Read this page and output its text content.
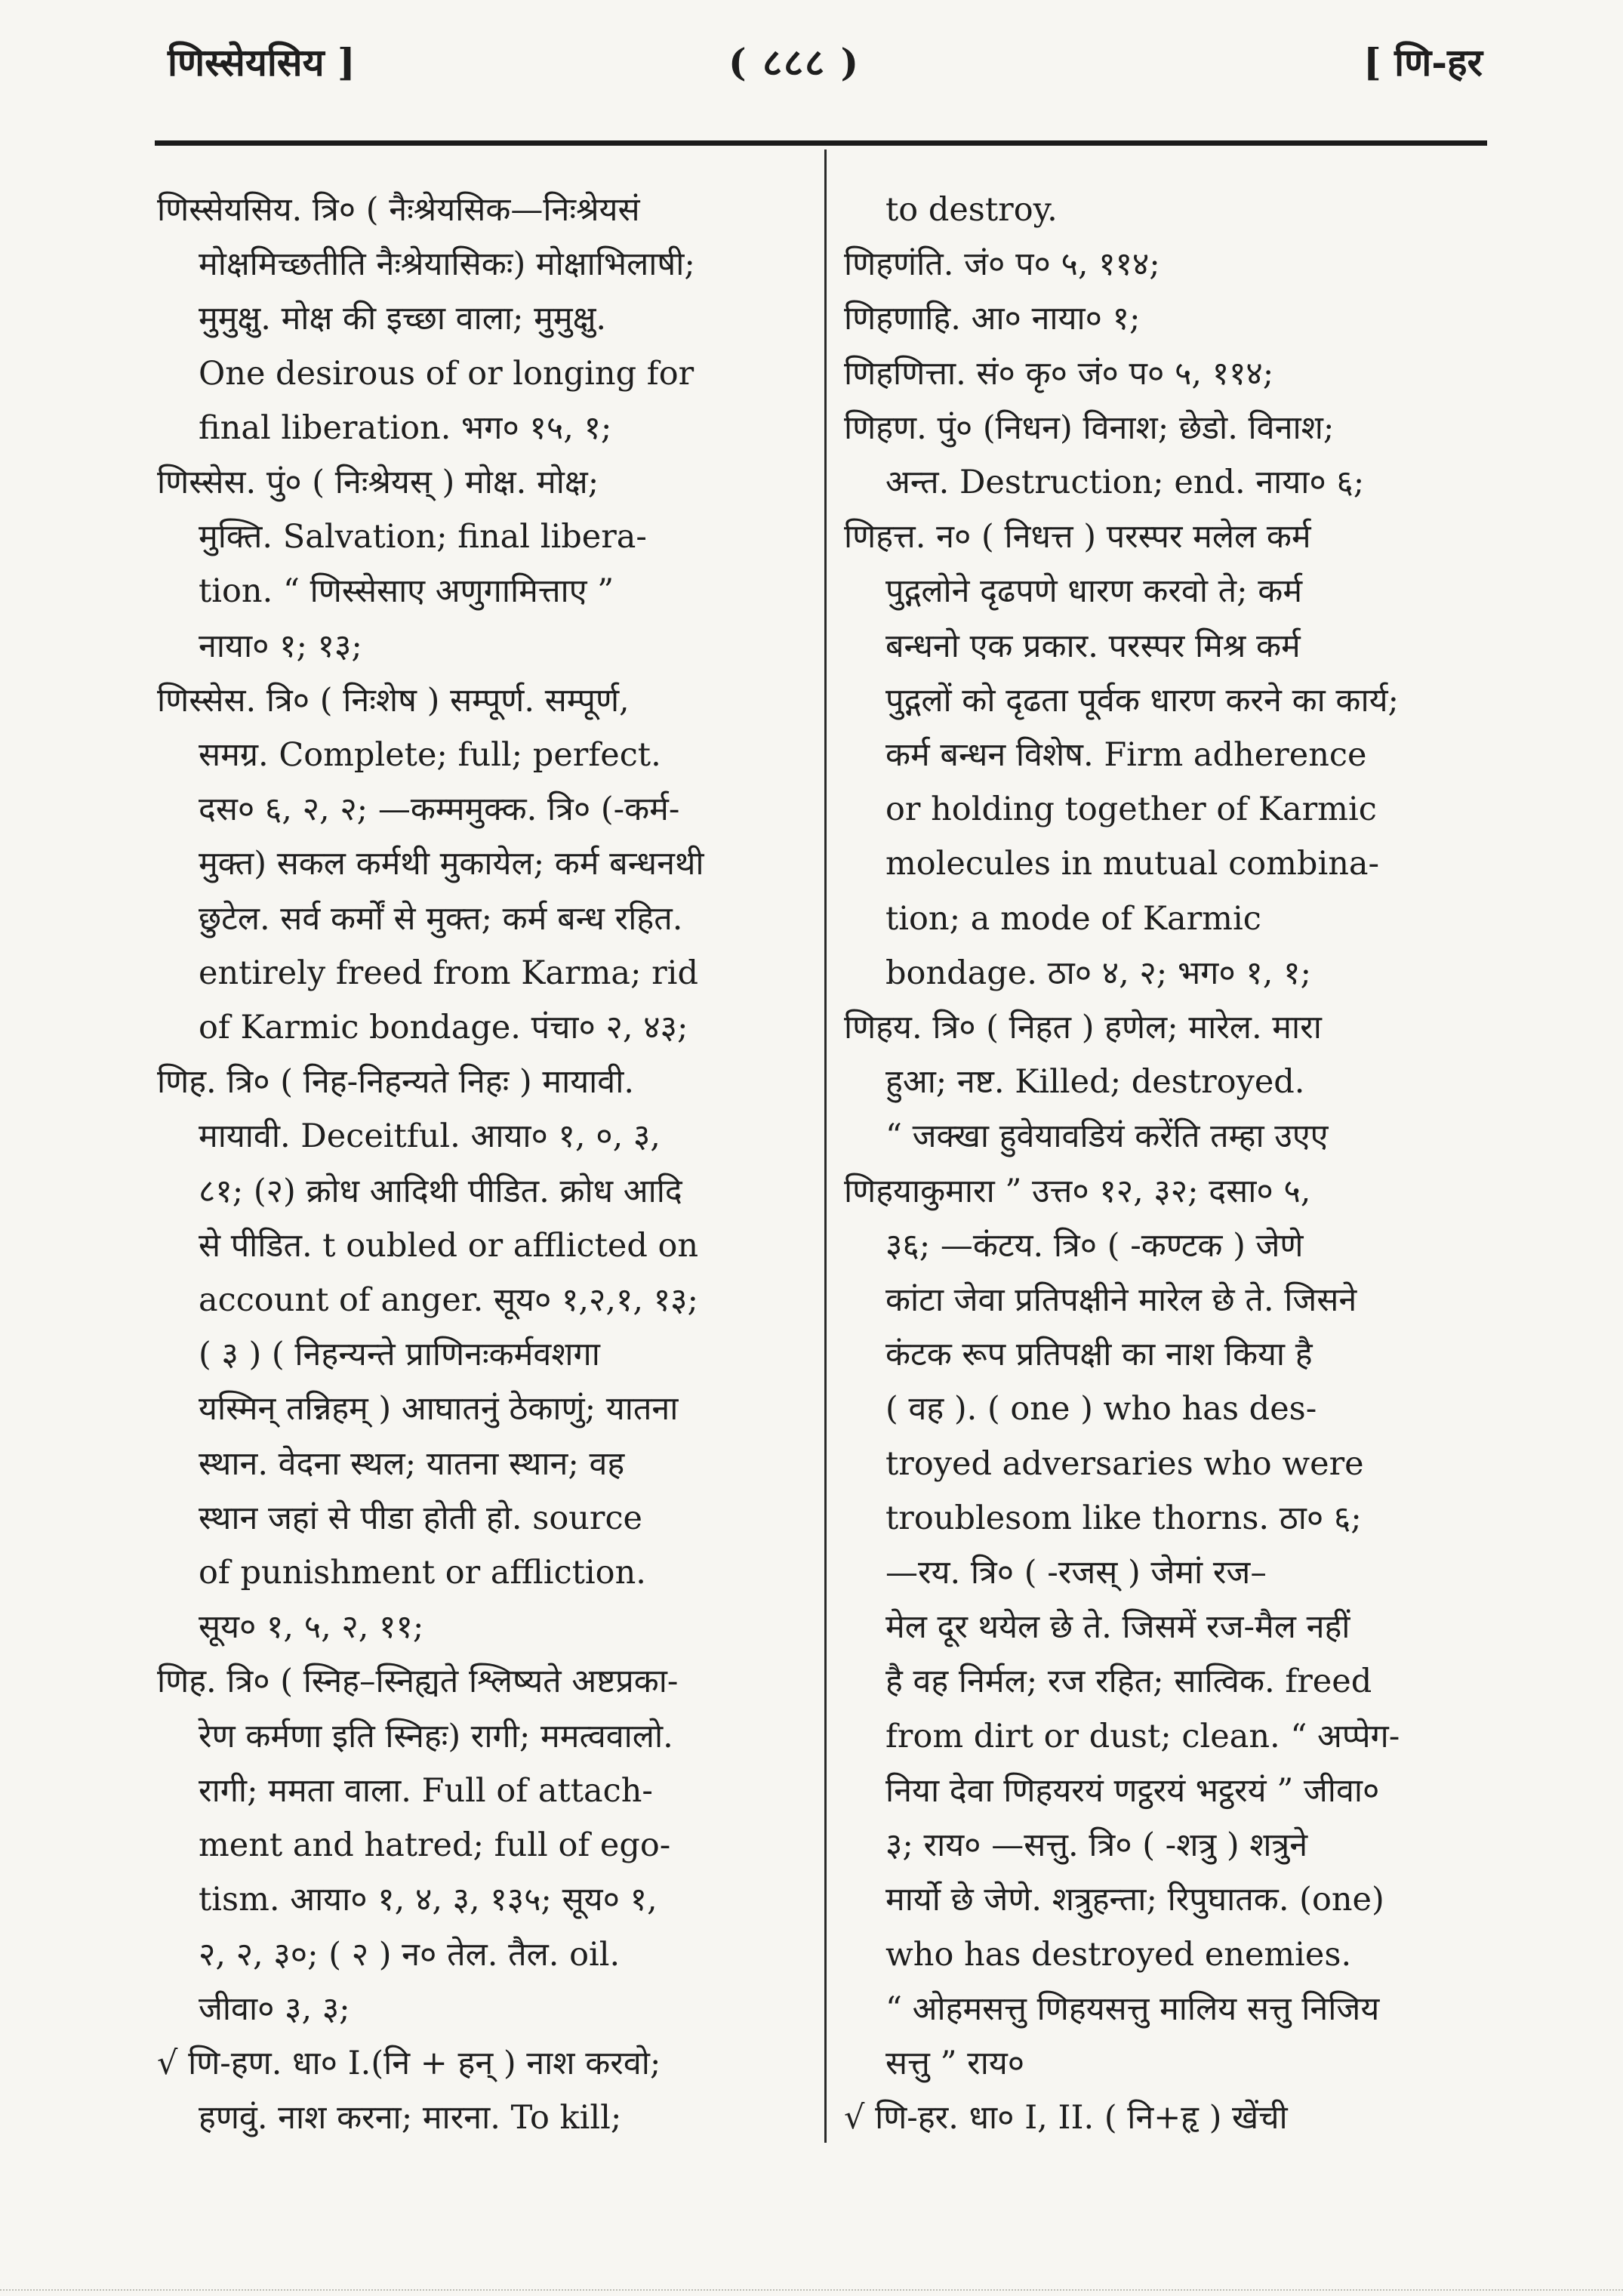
णिस्सेयसिय ]	( ८८८ )	[ णि-हर
णिस्सेयसिय. त्रि० ( नैःश्रेयसिक—निःश्रेयसं
मोक्षमिच्छतीति नैःश्रेयासिकः) मोक्षाभिलाषी;
मुमुक्षु. मोक्ष की इच्छा वाला; मुमुक्षु.
One desirous of or longing for
final liberation. भग० १५, १;
णिस्सेस. पुं० ( निःश्रेयस् ) मोक्ष. मोक्ष;
मुक्ति. Salvation; final libera-
tion. “ णिस्सेसाए अणुगामित्ताए ”
नाया० १; १३;
णिस्सेस. त्रि० ( निःशेष ) सम्पूर्ण. सम्पूर्ण,
समग्र. Complete; full; perfect.
दस० ६, २, २; —कम्ममुक्क. त्रि० (-कर्म-
मुक्त) सकल कर्मथी मुकायेल; कर्म बन्धनथी
छुटेल. सर्व कर्मों से मुक्त; कर्म बन्ध रहित.
entirely freed from Karma; rid
of Karmic bondage. पंचा० २, ४३;
णिह. त्रि० ( निह-निहन्यते निहः ) मायावी.
मायावी. Deceitful. आया० १, ०, ३,
८१; (२) क्रोध आदिथी पीडित. क्रोध आदि
से पीडित. t oubled or afflicted on
account of anger. सूय० १,२,१, १३;
( ३ ) ( निहन्यन्ते प्राणिनःकर्मवशगा
यस्मिन् तन्निहम् ) आघातनुं ठेकाणुं; यातना
स्थान. वेदना स्थल; यातना स्थान; वह
स्थान जहां से पीडा होती हो. source
of punishment or affliction.
सूय० १, ५, २, ११;
णिह. त्रि० ( स्निह–स्निह्यते श्लिष्यते अष्टप्रका-
रेण कर्मणा इति स्निहः) रागी; ममत्ववालो.
रागी; ममता वाला. Full of attach-
ment and hatred; full of ego-
tism. आया० १, ४, ३, १३५; सूय० १,
२, २, ३०; ( २ ) न० तेल. तैल. oil.
जीवा० ३, ३;
√ णि-हण. धा० I.(नि + हन् ) नाश करवो;
हणवुं. नाश करना; मारना. To kill;
to destroy.
णिहणंति. जं० प० ५, ११४;
णिहणाहि. आ० नाया० १;
णिहणित्ता. सं० कृ० जं० प० ५, ११४;
णिहण. पुं० (निधन) विनाश; छेडो. विनाश;
अन्त. Destruction; end. नाया० ६;
णिहत्त. न० ( निधत्त ) परस्पर मलेल कर्म
पुद्गलोने दृढपणे धारण करवो ते; कर्म
बन्धनो एक प्रकार. परस्पर मिश्र कर्म
पुद्गलों को दृढता पूर्वक धारण करने का कार्य;
कर्म बन्धन विशेष. Firm adherence
or holding together of Karmic
molecules in mutual combina-
tion; a mode of Karmic
bondage. ठा० ४, २; भग० १, १;
णिहय. त्रि० ( निहत ) हणेल; मारेल. मारा
हुआ; नष्ट. Killed; destroyed.
“ जक्खा हुवेयावडियं करेंति तम्हा उएए
णिहयाकुमारा ” उत्त० १२, ३२; दसा० ५,
३६; —कंटय. त्रि० ( -कण्टक ) जेणे
कांटा जेवा प्रतिपक्षीने मारेल छे ते. जिसने
कंटक रूप प्रतिपक्षी का नाश किया है
( वह ). ( one ) who has des-
troyed adversaries who were
troublesom like thorns. ठा० ६;
—रय. त्रि० ( -रजस् ) जेमां रज–
मेल दूर थयेल छे ते. जिसमें रज-मैल नहीं
है वह निर्मल; रज रहित; सात्विक. freed
from dirt or dust; clean. “ अप्पेग-
निया देवा णिहयरयं णट्ठरयं भट्ठरयं ” जीवा०
३; राय० —सत्तु. त्रि० ( -शत्रु ) शत्रुने
मार्यो छे जेणे. शत्रुहन्ता; रिपुघातक. (one)
who has destroyed enemies.
“ ओहमसत्तु णिहयसत्तु मालिय सत्तु निजिय
सत्तु ” राय०
√ णि-हर. धा० I, II. ( नि+हृ ) खेंची
